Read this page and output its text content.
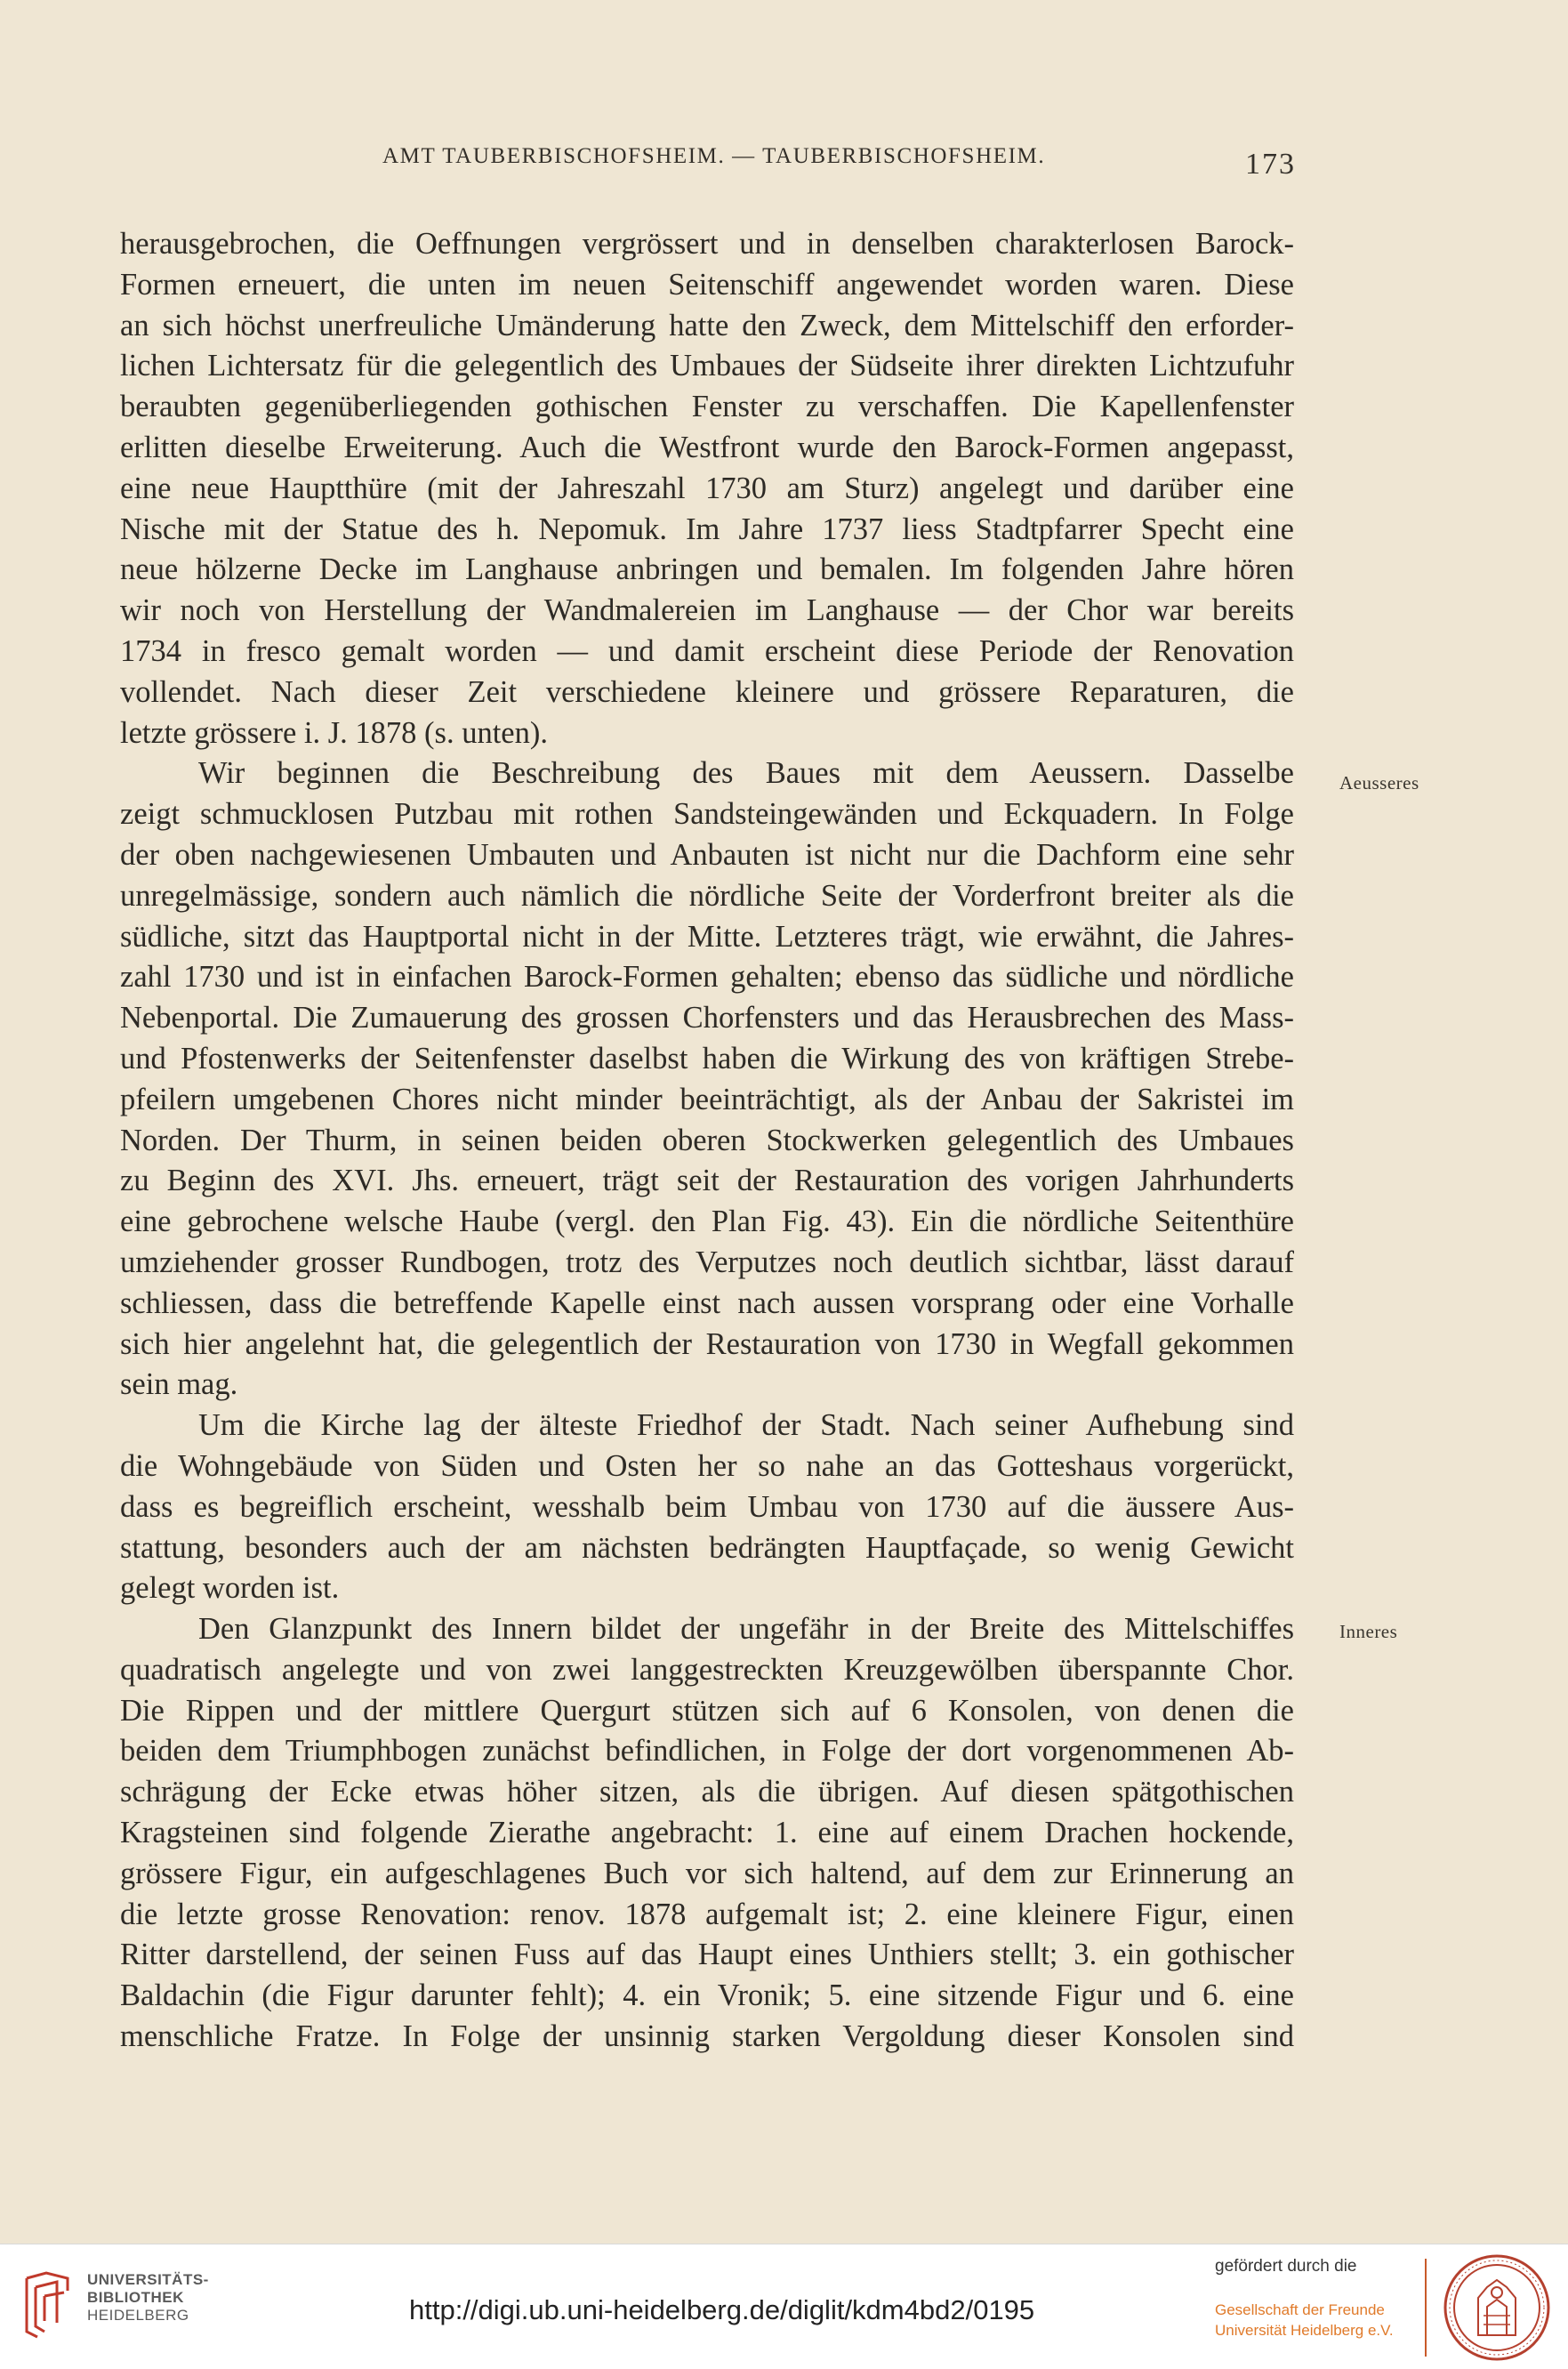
AMT TAUBERBISCHOFSHEIM. — TAUBERBISCHOFSHEIM.	173
herausgebrochen, die Oeffnungen vergrössert und in denselben charakterlosen Barock-
Formen erneuert, die unten im neuen Seitenschiff angewendet worden waren. Diese
an sich höchst unerfreuliche Umänderung hatte den Zweck, dem Mittelschiff den erforder-
lichen Lichtersatz für die gelegentlich des Umbaues der Südseite ihrer direkten Lichtzufuhr
beraubten gegenüberliegenden gothischen Fenster zu verschaffen. Die Kapellenfenster
erlitten dieselbe Erweiterung. Auch die Westfront wurde den Barock-Formen angepasst,
eine neue Hauptthüre (mit der Jahreszahl 1730 am Sturz) angelegt und darüber eine
Nische mit der Statue des h. Nepomuk. Im Jahre 1737 liess Stadtpfarrer Specht eine
neue hölzerne Decke im Langhause anbringen und bemalen. Im folgenden Jahre hören
wir noch von Herstellung der Wandmalereien im Langhause — der Chor war bereits
1734 in fresco gemalt worden — und damit erscheint diese Periode der Renovation
vollendet. Nach dieser Zeit verschiedene kleinere und grössere Reparaturen, die
letzte grössere i. J. 1878 (s. unten).
Wir beginnen die Beschreibung des Baues mit dem Aeussern. Dasselbe
zeigt schmucklosen Putzbau mit rothen Sandsteingewänden und Eckquadern. In Folge
der oben nachgewiesenen Umbauten und Anbauten ist nicht nur die Dachform eine sehr
unregelmässige, sondern auch nämlich die nördliche Seite der Vorderfront breiter als die
südliche, sitzt das Hauptportal nicht in der Mitte. Letzteres trägt, wie erwähnt, die Jahres-
zahl 1730 und ist in einfachen Barock-Formen gehalten; ebenso das südliche und nördliche
Nebenportal. Die Zumauerung des grossen Chorfensters und das Herausbrechen des Mass-
und Pfostenwerks der Seitenfenster daselbst haben die Wirkung des von kräftigen Strebe-
pfeilern umgebenen Chores nicht minder beeinträchtigt, als der Anbau der Sakristei im
Norden. Der Thurm, in seinen beiden oberen Stockwerken gelegentlich des Umbaues
zu Beginn des XVI. Jhs. erneuert, trägt seit der Restauration des vorigen Jahrhunderts
eine gebrochene welsche Haube (vergl. den Plan Fig. 43). Ein die nördliche Seitenthüre
umziehender grosser Rundbogen, trotz des Verputzes noch deutlich sichtbar, lässt darauf
schliessen, dass die betreffende Kapelle einst nach aussen vorsprang oder eine Vorhalle
sich hier angelehnt hat, die gelegentlich der Restauration von 1730 in Wegfall gekommen
sein mag.
Um die Kirche lag der älteste Friedhof der Stadt. Nach seiner Aufhebung sind
die Wohngebäude von Süden und Osten her so nahe an das Gotteshaus vorgerückt,
dass es begreiflich erscheint, wesshalb beim Umbau von 1730 auf die äussere Aus-
stattung, besonders auch der am nächsten bedrängten Hauptfaçade, so wenig Gewicht
gelegt worden ist.
Den Glanzpunkt des Innern bildet der ungefähr in der Breite des Mittelschiffes
quadratisch angelegte und von zwei langgestreckten Kreuzgewölben überspannte Chor.
Die Rippen und der mittlere Quergurt stützen sich auf 6 Konsolen, von denen die
beiden dem Triumphbogen zunächst befindlichen, in Folge der dort vorgenommenen Ab-
schrägung der Ecke etwas höher sitzen, als die übrigen. Auf diesen spätgothischen
Kragsteinen sind folgende Zierathe angebracht: 1. eine auf einem Drachen hockende,
grössere Figur, ein aufgeschlagenes Buch vor sich haltend, auf dem zur Erinnerung an
die letzte grosse Renovation: renov. 1878 aufgemalt ist; 2. eine kleinere Figur, einen
Ritter darstellend, der seinen Fuss auf das Haupt eines Unthiers stellt; 3. ein gothischer
Baldachin (die Figur darunter fehlt); 4. ein Vronik; 5. eine sitzende Figur und 6. eine
menschliche Fratze. In Folge der unsinnig starken Vergoldung dieser Konsolen sind
Aeusseres
Inneres
UNIVERSITÄTS-
BIBLIOTHEK
HEIDELBERG	http://digi.ub.uni-heidelberg.de/diglit/kdm4bd2/0195
gefördert durch die
Gesellschaft der Freunde
Universität Heidelberg e.V.
